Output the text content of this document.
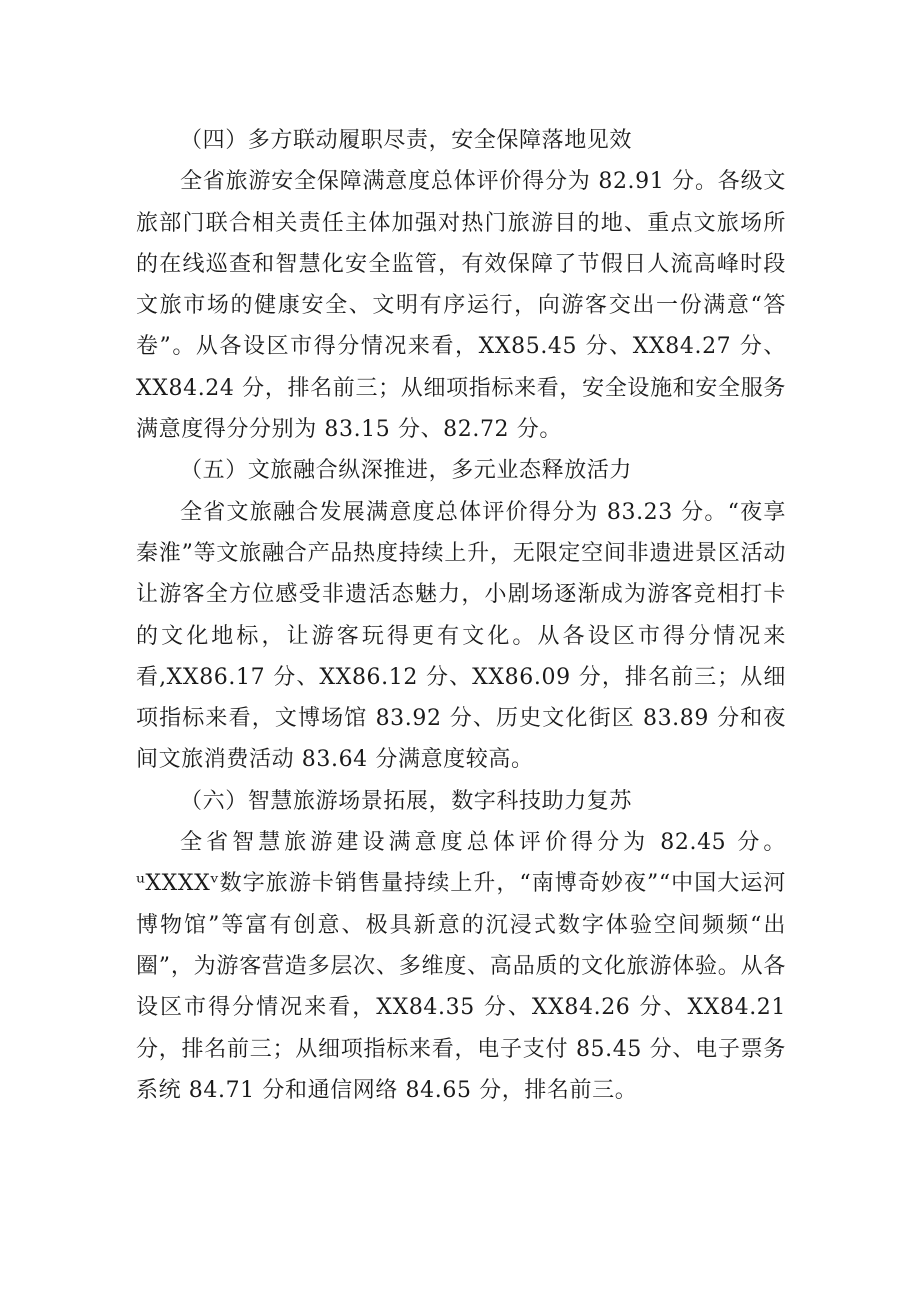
（四）多方联动履职尽责，安全保障落地见效

全省旅游安全保障满意度总体评价得分为 82.91 分。各级文旅部门联合相关责任主体加强对热门旅游目的地、重点文旅场所的在线巡查和智慧化安全监管，有效保障了节假日人流高峰时段文旅市场的健康安全、文明有序运行，向游客交出一份满意“答卷”。从各设区市得分情况来看，XX85.45 分、XX84.27 分、XX84.24 分，排名前三；从细项指标来看，安全设施和安全服务满意度得分分别为 83.15 分、82.72 分。

（五）文旅融合纵深推进，多元业态释放活力

全省文旅融合发展满意度总体评价得分为 83.23 分。“夜享秦淮”等文旅融合产品热度持续上升，无限定空间非遗进景区活动让游客全方位感受非遗活态魅力，小剧场逐渐成为游客竞相打卡的文化地标，让游客玩得更有文化。从各设区市得分情况来看,XX86.17 分、XX86.12 分、XX86.09 分，排名前三；从细项指标来看，文博场馆 83.92 分、历史文化街区 83.89 分和夜间文旅消费活动 83.64 分满意度较高。

（六）智慧旅游场景拓展，数字科技助力复苏

全省智慧旅游建设满意度总体评价得分为 82.45 分。ᵘXXXXᵛ数字旅游卡销售量持续上升，“南博奇妙夜”“中国大运河博物馆”等富有创意、极具新意的沉浸式数字体验空间频频“出圈”，为游客营造多层次、多维度、高品质的文化旅游体验。从各设区市得分情况来看，XX84.35 分、XX84.26 分、XX84.21 分，排名前三；从细项指标来看，电子支付 85.45 分、电子票务系统 84.71 分和通信网络 84.65 分，排名前三。
